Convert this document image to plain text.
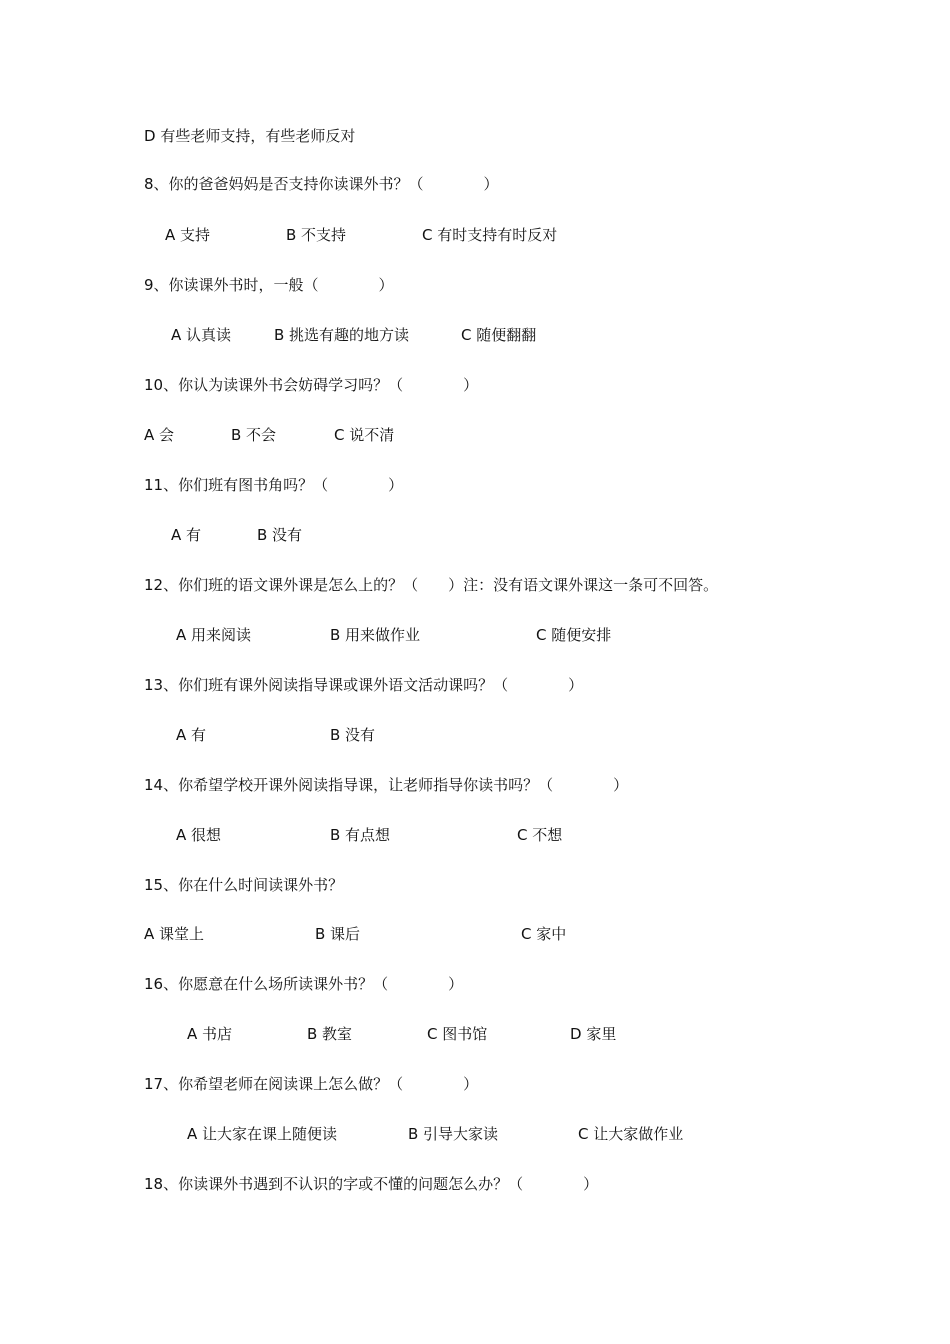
D 有些老师支持，有些老师反对
8、你的爸爸妈妈是否支持你读课外书？（　　　　）
A 支持	B 不支持	C 有时支持有时反对
9、你读课外书时，一般（　　　　）
A 认真读	B 挑选有趣的地方读	C 随便翻翻
10、你认为读课外书会妨碍学习吗？（　　　　）
A 会	B 不会	C 说不清
11、你们班有图书角吗？（　　　　）
A 有	B 没有
12、你们班的语文课外课是怎么上的？（　　）注：没有语文课外课这一条可不回答。
A 用来阅读	B 用来做作业	C 随便安排
13、你们班有课外阅读指导课或课外语文活动课吗？（　　　　）
A 有	B 没有
14、你希望学校开课外阅读指导课，让老师指导你读书吗？（　　　　）
A 很想	B 有点想	C 不想
15、你在什么时间读课外书？
A 课堂上	B 课后	C 家中
16、你愿意在什么场所读课外书？（　　　　）
A 书店	B 教室	C 图书馆	D 家里
17、你希望老师在阅读课上怎么做？（　　　　）
A 让大家在课上随便读	B 引导大家读	C 让大家做作业
18、你读课外书遇到不认识的字或不懂的问题怎么办？（　　　　）
